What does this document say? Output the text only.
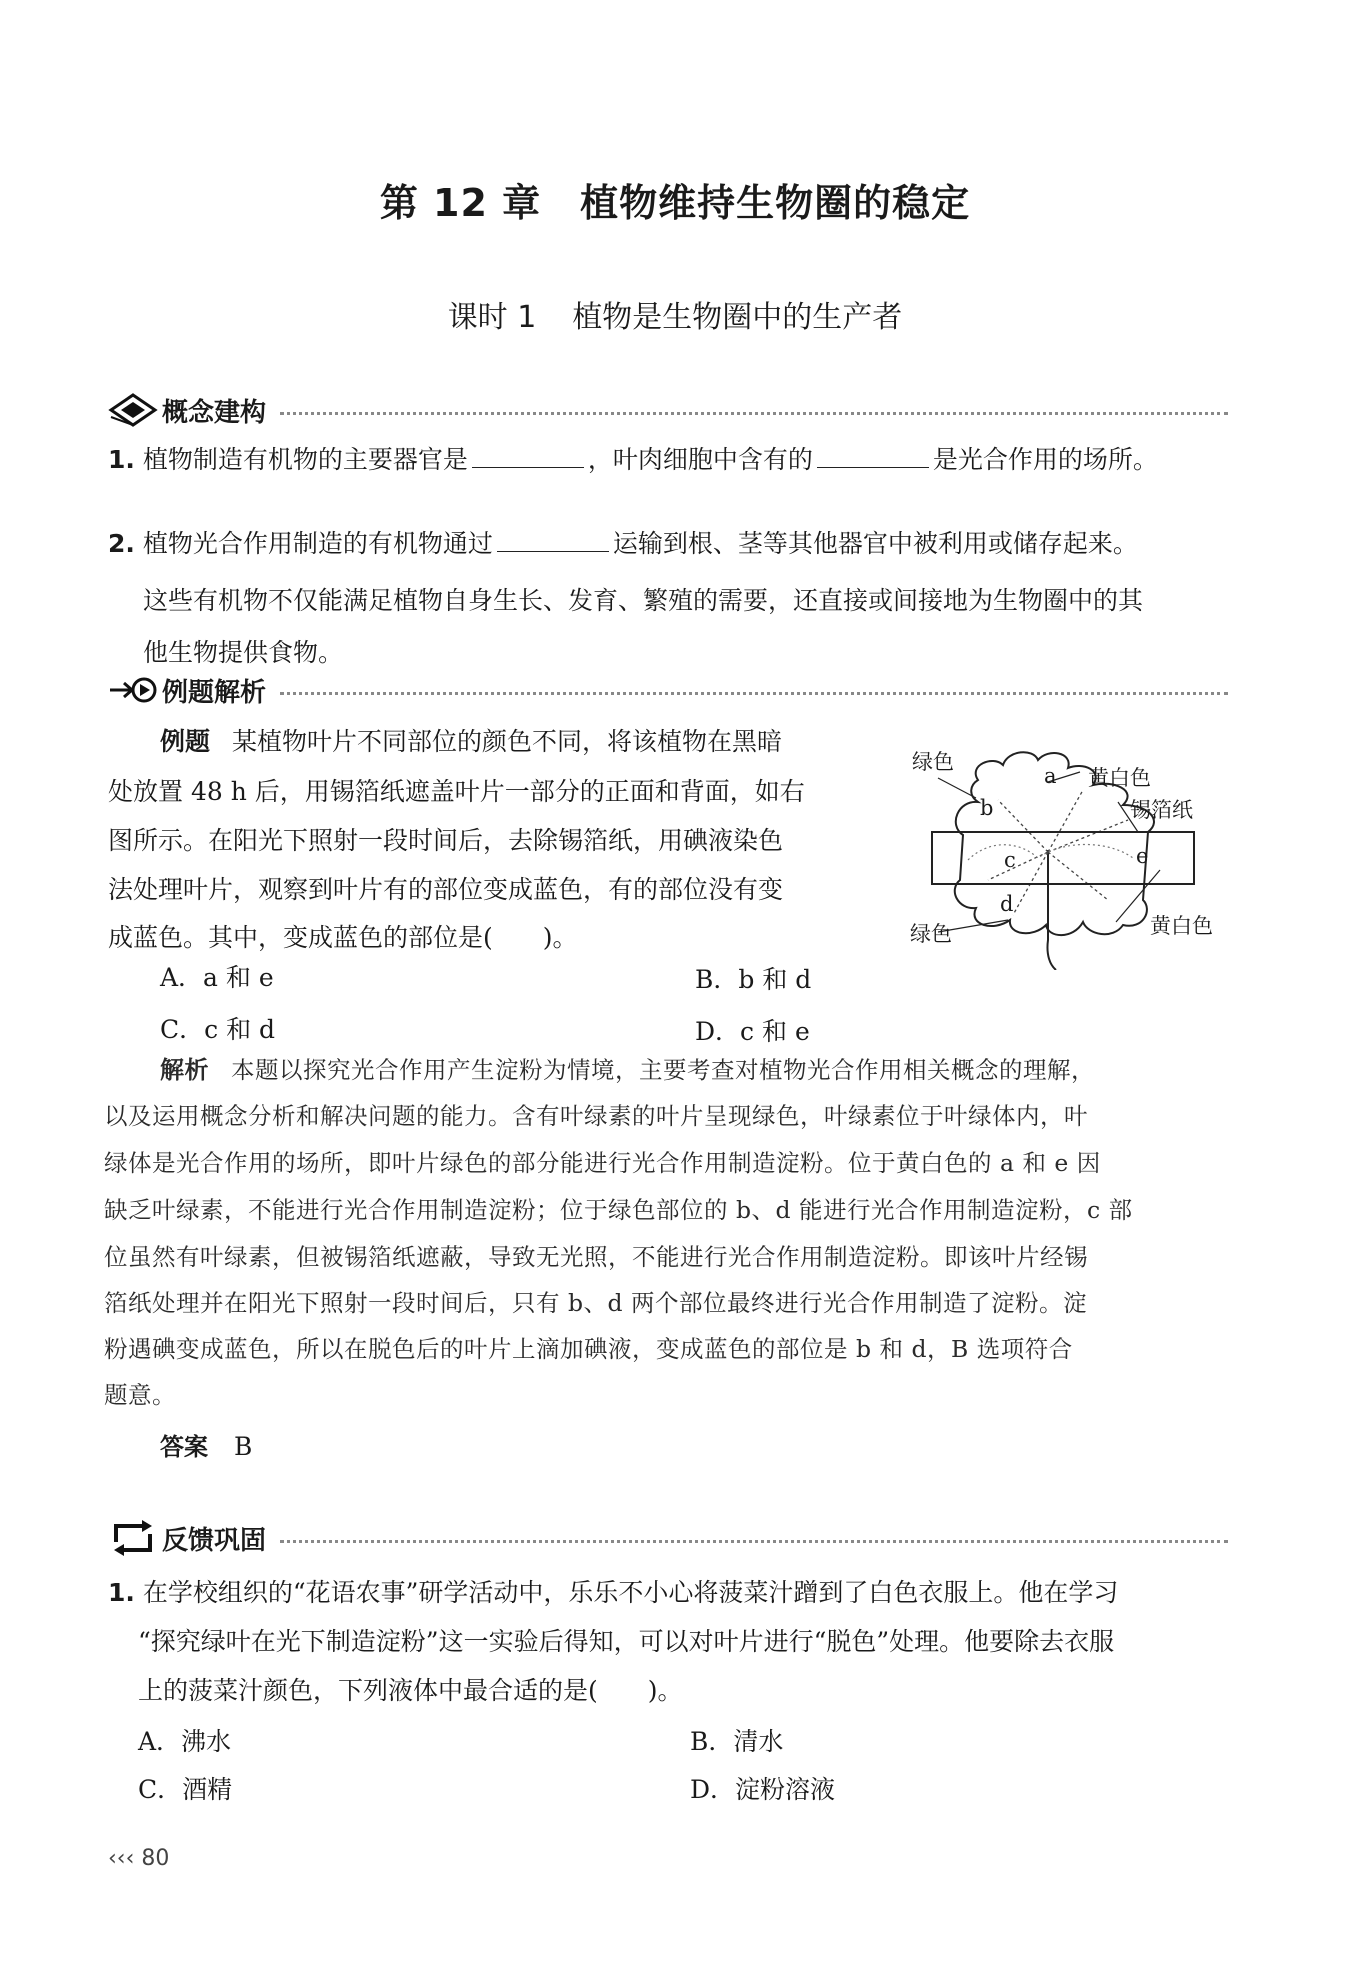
第 12 章　植物维持生物圈的稳定
课时 1 植物是生物圈中的生产者
概念建构
1. 植物制造有机物的主要器官是	，叶肉细胞中含有的	是光合作用的场所。
2. 植物光合作用制造的有机物通过	运输到根、茎等其他器官中被利用或储存起来。
这些有机物不仅能满足植物自身生长、发育、繁殖的需要，还直接或间接地为生物圈中的其
他生物提供食物。
例题解析
例题 某植物叶片不同部位的颜色不同，将该植物在黑暗
处放置 48 h 后，用锡箔纸遮盖叶片一部分的正面和背面，如右
图所示。在阳光下照射一段时间后，去除锡箔纸，用碘液染色
法处理叶片，观察到叶片有的部位变成蓝色，有的部位没有变
成蓝色。其中，变成蓝色的部位是(　　)。
A．a 和 e	B．b 和 d
C．c 和 d	D．c 和 e
绿色
黄白色
锡箔纸
绿色	黄白色
a
b
c
d
e
解析 本题以探究光合作用产生淀粉为情境，主要考查对植物光合作用相关概念的理解，
以及运用概念分析和解决问题的能力。含有叶绿素的叶片呈现绿色，叶绿素位于叶绿体内，叶
绿体是光合作用的场所，即叶片绿色的部分能进行光合作用制造淀粉。位于黄白色的 a 和 e 因
缺乏叶绿素，不能进行光合作用制造淀粉；位于绿色部位的 b、d 能进行光合作用制造淀粉，c 部
位虽然有叶绿素，但被锡箔纸遮蔽，导致无光照，不能进行光合作用制造淀粉。即该叶片经锡
箔纸处理并在阳光下照射一段时间后，只有 b、d 两个部位最终进行光合作用制造了淀粉。淀
粉遇碘变成蓝色，所以在脱色后的叶片上滴加碘液，变成蓝色的部位是 b 和 d，B 选项符合
题意。
答案 B
反馈巩固
1. 在学校组织的“花语农事”研学活动中，乐乐不小心将菠菜汁蹭到了白色衣服上。他在学习
“探究绿叶在光下制造淀粉”这一实验后得知，可以对叶片进行“脱色”处理。他要除去衣服
上的菠菜汁颜色，下列液体中最合适的是(　　)。
A．沸水	B．清水
C．酒精	D．淀粉溶液
‹‹‹ 80
